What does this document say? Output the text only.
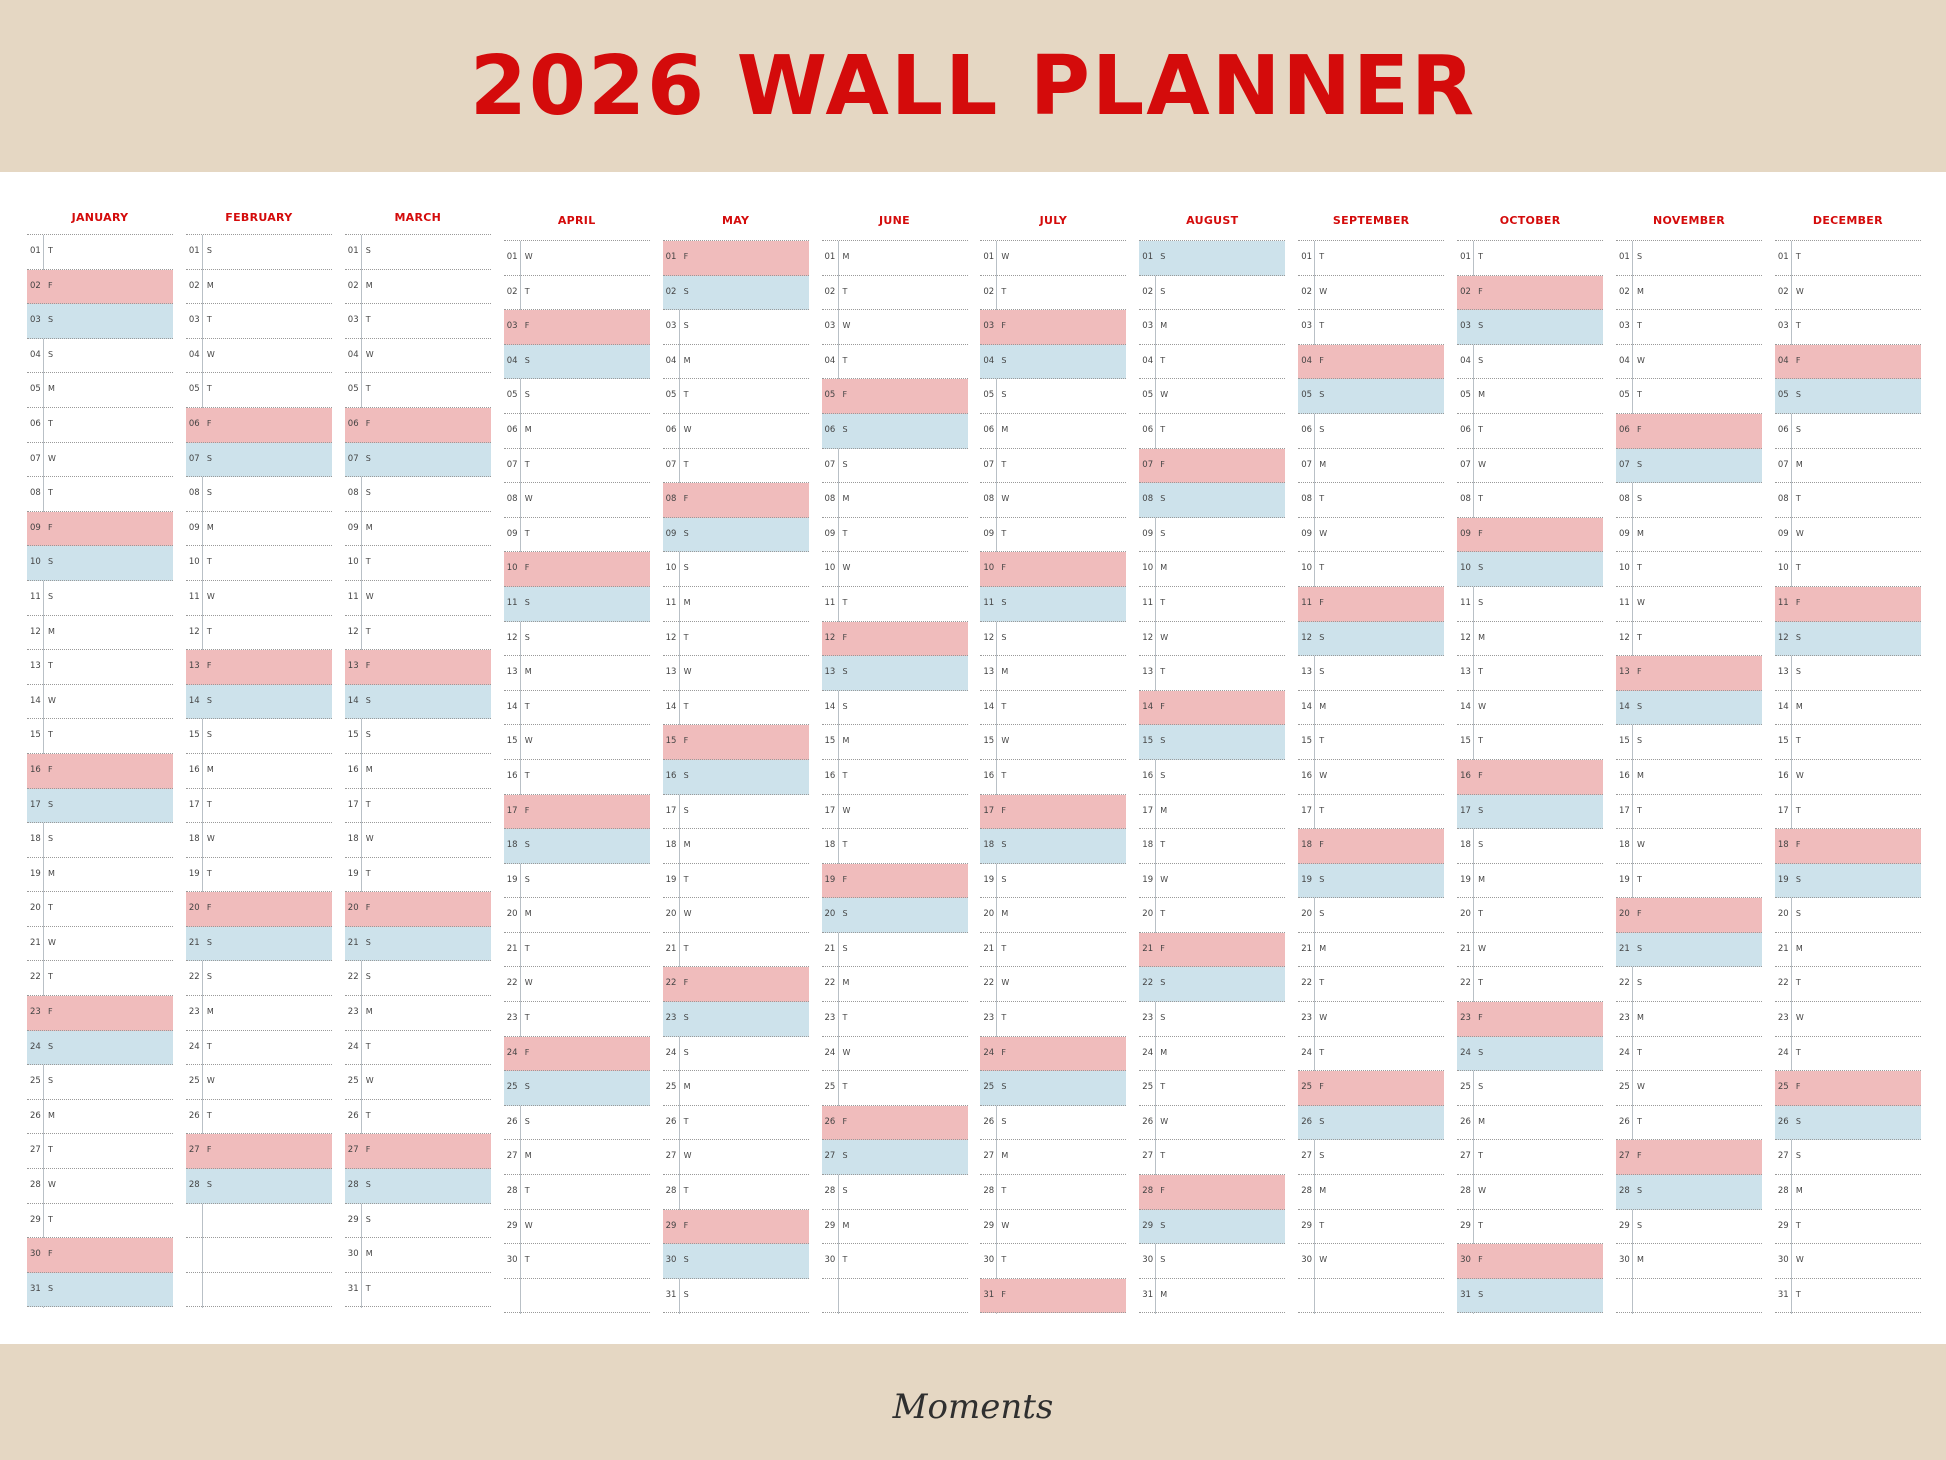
2026 WALL PLANNER
JANUARY
01 T
02 F
03 S
04 S
05 M
06 T
07 W
08 T
09 F
10 S
11 S
12 M
13 T
14 W
15 T
16 F
17 S
18 S
19 M
20 T
21 W
22 T
23 F
24 S
25 S
26 M
27 T
28 W
29 T
30 F
31 S
FEBRUARY
01 S
02 M
03 T
04 W
05 T
06 F
07 S
08 S
09 M
10 T
11 W
12 T
13 F
14 S
15 S
16 M
17 T
18 W
19 T
20 F
21 S
22 S
23 M
24 T
25 W
26 T
27 F
28 S
MARCH
01 S
02 M
03 T
04 W
05 T
06 F
07 S
08 S
09 M
10 T
11 W
12 T
13 F
14 S
15 S
16 M
17 T
18 W
19 T
20 F
21 S
22 S
23 M
24 T
25 W
26 T
27 F
28 S
29 S
30 M
31 T
APRIL
01 W
02 T
03 F
04 S
05 S
06 M
07 T
08 W
09 T
10 F
11 S
12 S
13 M
14 T
15 W
16 T
17 F
18 S
19 S
20 M
21 T
22 W
23 T
24 F
25 S
26 S
27 M
28 T
29 W
30 T
MAY
01 F
02 S
03 S
04 M
05 T
06 W
07 T
08 F
09 S
10 S
11 M
12 T
13 W
14 T
15 F
16 S
17 S
18 M
19 T
20 W
21 T
22 F
23 S
24 S
25 M
26 T
27 W
28 T
29 F
30 S
31 S
JUNE
01 M
02 T
03 W
04 T
05 F
06 S
07 S
08 M
09 T
10 W
11 T
12 F
13 S
14 S
15 M
16 T
17 W
18 T
19 F
20 S
21 S
22 M
23 T
24 W
25 T
26 F
27 S
28 S
29 M
30 T
JULY
01 W
02 T
03 F
04 S
05 S
06 M
07 T
08 W
09 T
10 F
11 S
12 S
13 M
14 T
15 W
16 T
17 F
18 S
19 S
20 M
21 T
22 W
23 T
24 F
25 S
26 S
27 M
28 T
29 W
30 T
31 F
AUGUST
01 S
02 S
03 M
04 T
05 W
06 T
07 F
08 S
09 S
10 M
11 T
12 W
13 T
14 F
15 S
16 S
17 M
18 T
19 W
20 T
21 F
22 S
23 S
24 M
25 T
26 W
27 T
28 F
29 S
30 S
31 M
SEPTEMBER
01 T
02 W
03 T
04 F
05 S
06 S
07 M
08 T
09 W
10 T
11 F
12 S
13 S
14 M
15 T
16 W
17 T
18 F
19 S
20 S
21 M
22 T
23 W
24 T
25 F
26 S
27 S
28 M
29 T
30 W
OCTOBER
01 T
02 F
03 S
04 S
05 M
06 T
07 W
08 T
09 F
10 S
11 S
12 M
13 T
14 W
15 T
16 F
17 S
18 S
19 M
20 T
21 W
22 T
23 F
24 S
25 S
26 M
27 T
28 W
29 T
30 F
31 S
NOVEMBER
01 S
02 M
03 T
04 W
05 T
06 F
07 S
08 S
09 M
10 T
11 W
12 T
13 F
14 S
15 S
16 M
17 T
18 W
19 T
20 F
21 S
22 S
23 M
24 T
25 W
26 T
27 F
28 S
29 S
30 M
DECEMBER
01 T
02 W
03 T
04 F
05 S
06 S
07 M
08 T
09 W
10 T
11 F
12 S
13 S
14 M
15 T
16 W
17 T
18 F
19 S
20 S
21 M
22 T
23 W
24 T
25 F
26 S
27 S
28 M
29 T
30 W
31 T
Moments
